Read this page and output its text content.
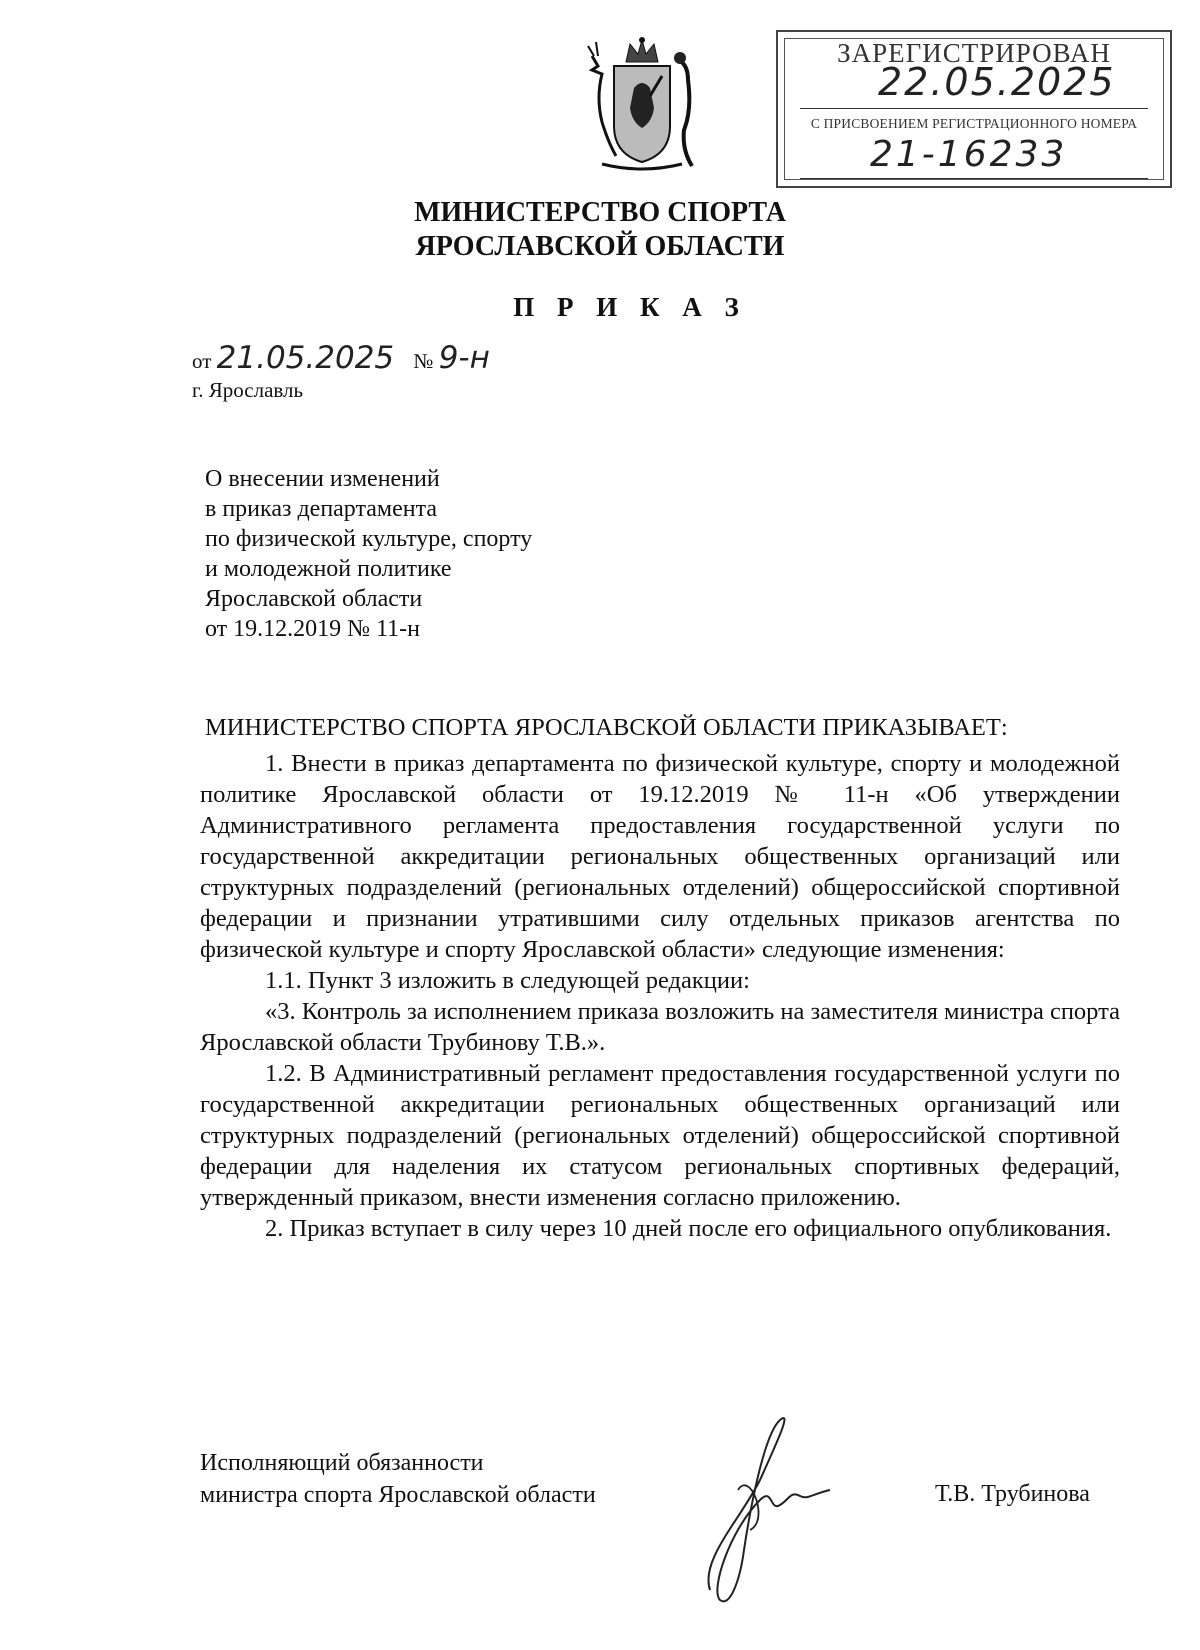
ЗАРЕГИСТРИРОВАН
22.05.2025
С ПРИСВОЕНИЕМ РЕГИСТРАЦИОННОГО НОМЕРА
21-16233
МИНИСТЕРСТВО СПОРТА
ЯРОСЛАВСКОЙ ОБЛАСТИ
П Р И К А З
от 21.05.2025 № 9-н
г. Ярославль
О внесении изменений
в приказ департамента
по физической культуре, спорту
и молодежной политике
Ярославской области
от 19.12.2019 № 11-н
МИНИСТЕРСТВО СПОРТА ЯРОСЛАВСКОЙ ОБЛАСТИ ПРИКАЗЫВАЕТ:

1. Внести в приказ департамента по физической культуре, спорту и молодежной политике Ярославской области от 19.12.2019 № 11-н «Об утверждении Административного регламента предоставления государственной услуги по государственной аккредитации региональных общественных организаций или структурных подразделений (региональных отделений) общероссийской спортивной федерации и признании утратившими силу отдельных приказов агентства по физической культуре и спорту Ярославской области» следующие изменения:

1.1. Пункт 3 изложить в следующей редакции:

«3. Контроль за исполнением приказа возложить на заместителя министра спорта Ярославской области Трубинову Т.В.».

1.2. В Административный регламент предоставления государственной услуги по государственной аккредитации региональных общественных организаций или структурных подразделений (региональных отделений) общероссийской спортивной федерации для наделения их статусом региональных спортивных федераций, утвержденный приказом, внести изменения согласно приложению.

2. Приказ вступает в силу через 10 дней после его официального опубликования.

Исполняющий обязанности
министра спорта Ярославской области	Т.В. Трубинова
